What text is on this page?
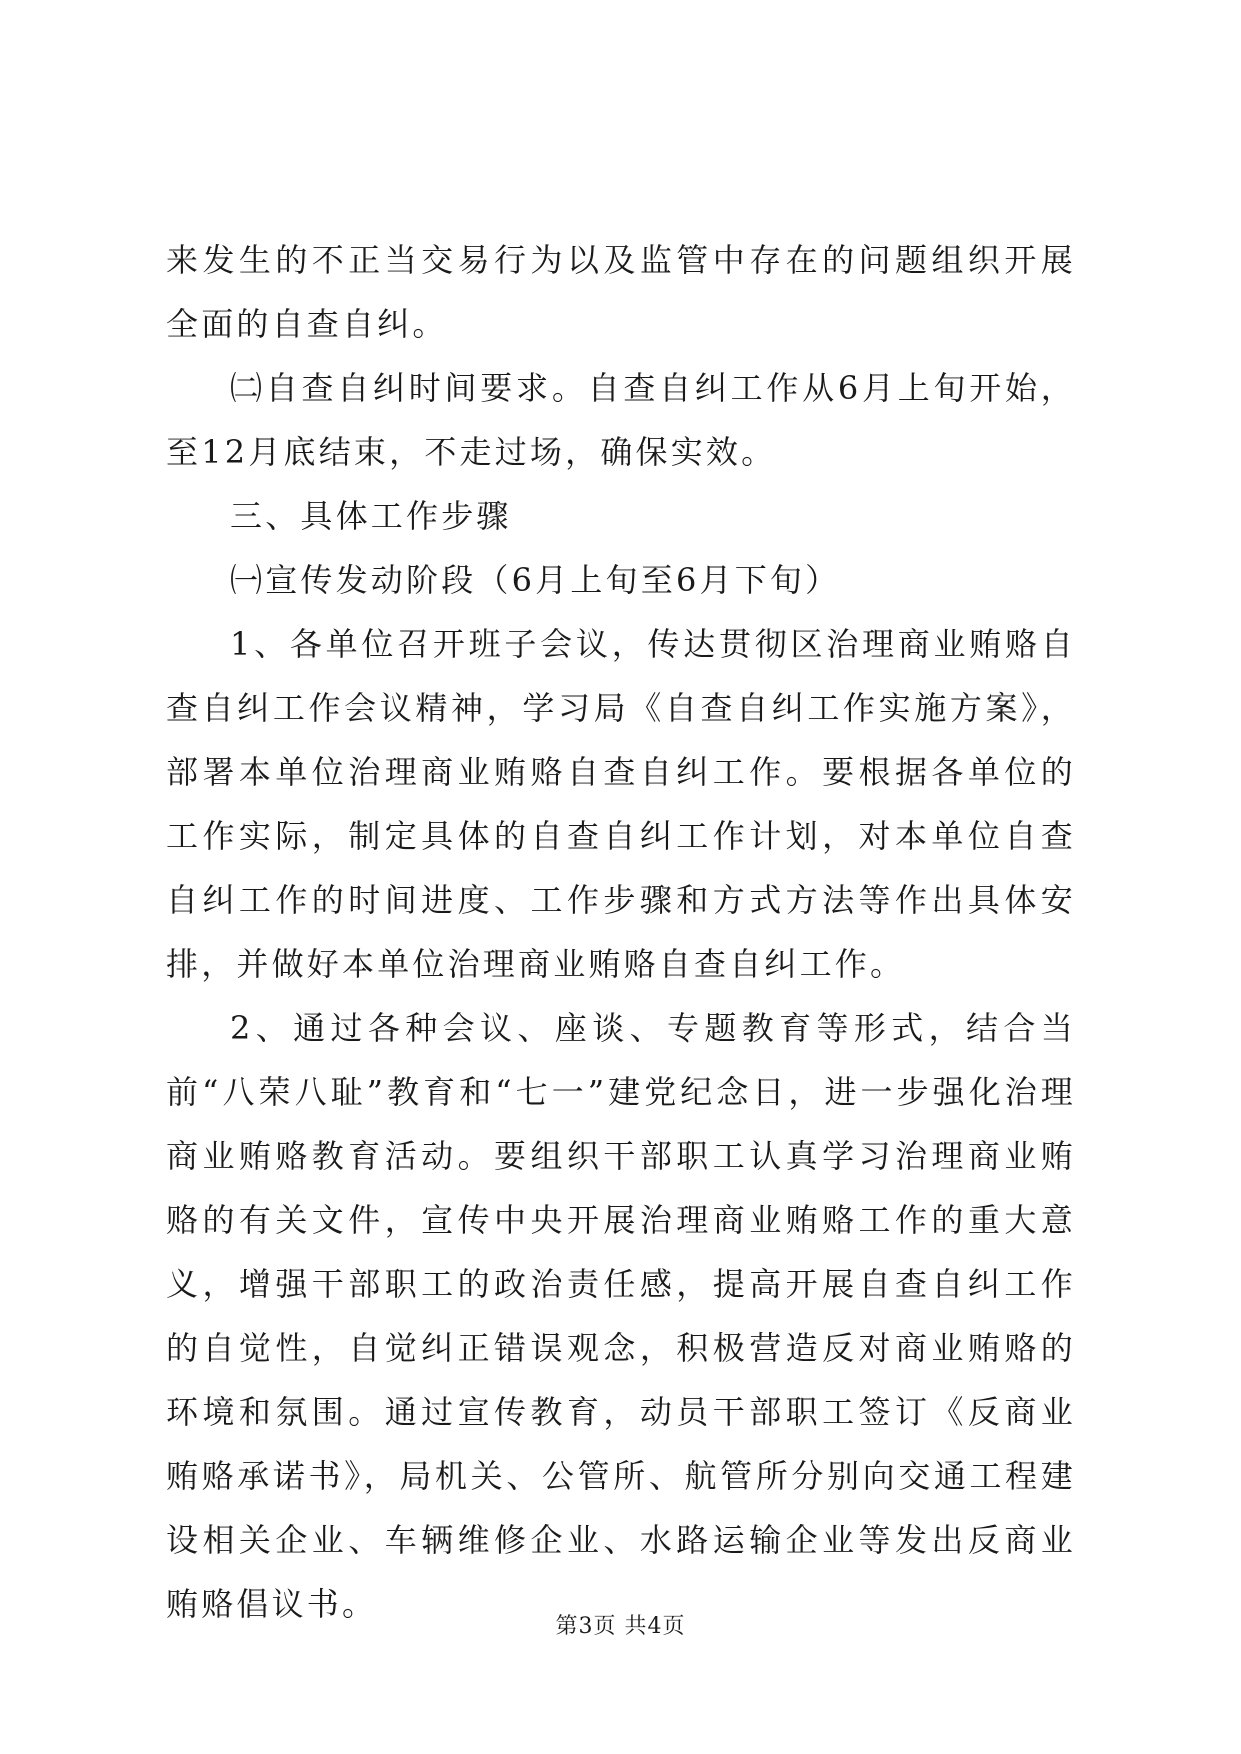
来发生的不正当交易行为以及监管中存在的问题组织开展全面的自查自纠。

㈡自查自纠时间要求。自查自纠工作从6月上旬开始，至12月底结束，不走过场，确保实效。

三、具体工作步骤

㈠宣传发动阶段（6月上旬至6月下旬）

1、各单位召开班子会议，传达贯彻区治理商业贿赂自查自纠工作会议精神，学习局《自查自纠工作实施方案》，部署本单位治理商业贿赂自查自纠工作。要根据各单位的工作实际，制定具体的自查自纠工作计划，对本单位自查自纠工作的时间进度、工作步骤和方式方法等作出具体安排，并做好本单位治理商业贿赂自查自纠工作。

2、通过各种会议、座谈、专题教育等形式，结合当前“八荣八耻”教育和“七一”建党纪念日，进一步强化治理商业贿赂教育活动。要组织干部职工认真学习治理商业贿赂的有关文件，宣传中央开展治理商业贿赂工作的重大意义，增强干部职工的政治责任感，提高开展自查自纠工作的自觉性，自觉纠正错误观念，积极营造反对商业贿赂的环境和氛围。通过宣传教育，动员干部职工签订《反商业贿赂承诺书》，局机关、公管所、航管所分别向交通工程建设相关企业、车辆维修企业、水路运输企业等发出反商业贿赂倡议书。

第3页 共4页
